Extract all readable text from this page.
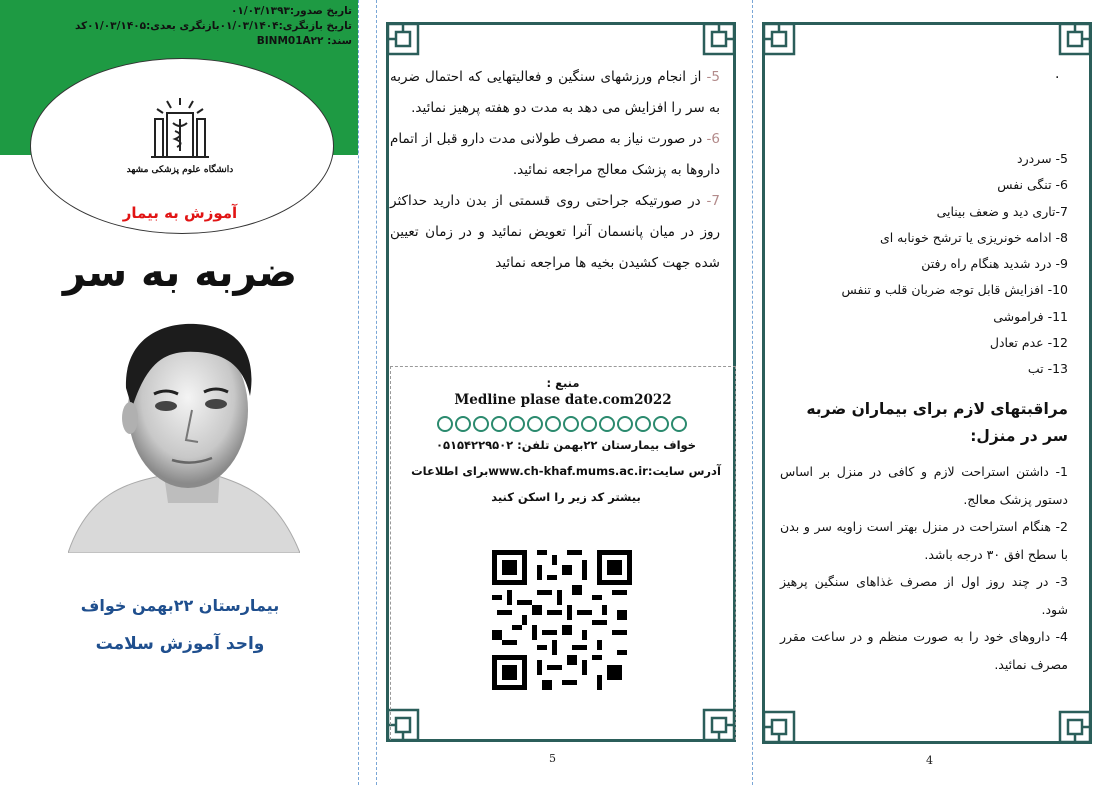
تاریخ صدور:۰۱/۰۳/۱۳۹۳
تاریخ بازنگری:۰۱/۰۳/۱۴۰۴بازنگری بعدی:۰۱/۰۳/۱۴۰۵کد
سند: BINM01A۲۲
دانشگاه علوم پزشکی مشهد
آموزش به بیمار
ضربه به سر
بیمارستان ۲۲بهمن خواف
واحد آموزش سلامت
5- از انجام ورزشهای سنگین و فعالیتهایی که احتمال ضربه به سر را افزایش می دهد به مدت دو هفته پرهیز نمائید.
6- در صورت نیاز به مصرف طولانی مدت دارو قبل از اتمام داروها به پزشک معالج مراجعه نمائید.
7- در صورتیکه جراحتی روی قسمتی از بدن دارید حداکثر روز در میان پانسمان آنرا تعویض نمائید و در زمان تعیین شده جهت کشیدن بخیه ها مراجعه نمائید
منبع :
Medline plase date.com2022
خواف بیمارستان ۲۲بهمن تلفن: ۰۵۱۵۴۲۲۹۵۰۲
آدرس سایت:www.ch-khaf.mums.ac.irبرای اطلاعات بیشتر کد زیر را اسکن کنید
5
.
5- سردرد
6- تنگی نفس
7-تاری دید و ضعف بینایی
8- ادامه خونریزی یا ترشح خونابه ای
9- درد شدید هنگام راه رفتن
10- افزایش قابل توجه ضربان قلب و تنفس
11- فراموشی
12- عدم تعادل
13- تب
مراقبتهای لازم برای بیماران ضربه سر در منزل:
1- داشتن استراحت لازم و کافی در منزل بر اساس دستور پزشک معالج.
2- هنگام استراحت در منزل بهتر است زاویه سر و بدن با سطح افق ۳۰ درجه باشد.
3- در چند روز اول از مصرف غذاهای سنگین پرهیز شود.
4- داروهای خود را به صورت منظم و در ساعت مقرر مصرف نمائید.
4
